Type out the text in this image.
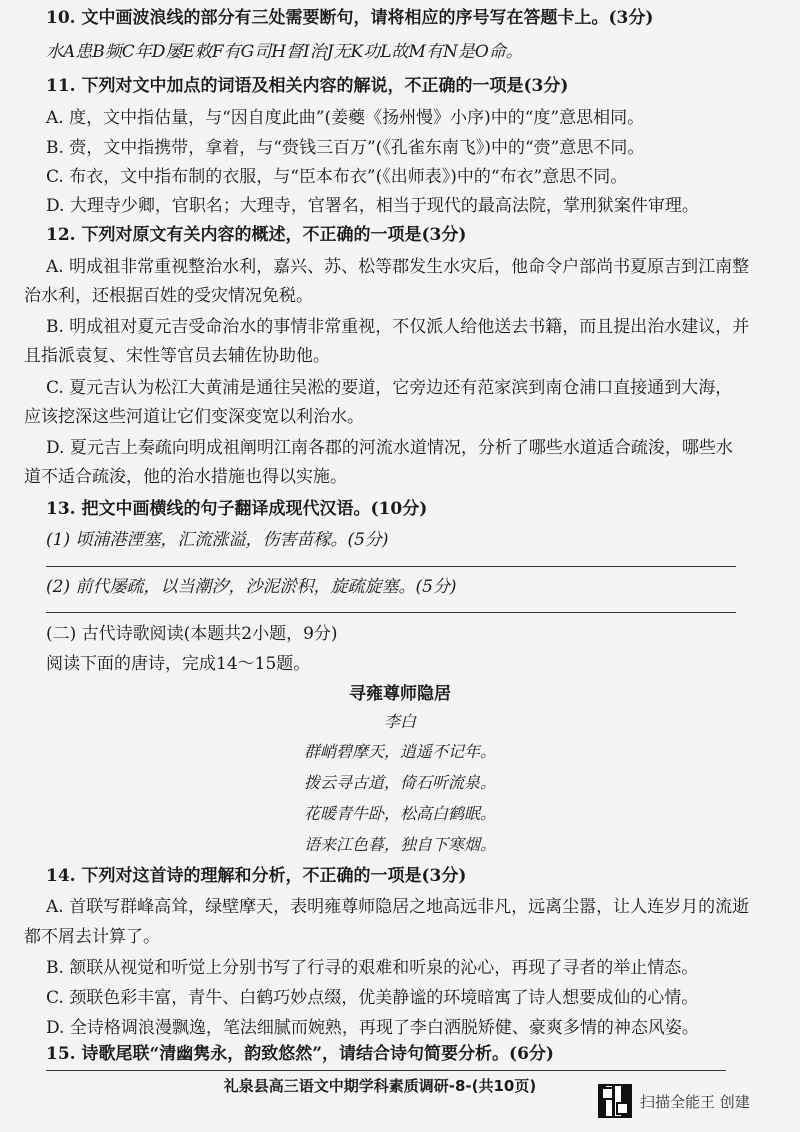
10. 文中画波浪线的部分有三处需要断句，请将相应的序号写在答题卡上。(3分)
水A患B频C年D屡E敕F有G司H督I治J无K功L故M有N是O命。
11. 下列对文中加点的词语及相关内容的解说，不正确的一项是(3分)
A. 度，文中指估量，与“因自度此曲”(姜夔《扬州慢》小序)中的“度”意思相同。
B. 赍，文中指携带，拿着，与“赍钱三百万”(《孔雀东南飞》)中的“赍”意思不同。
C. 布衣，文中指布制的衣服，与“臣本布衣”(《出师表》)中的“布衣”意思不同。
D. 大理寺少卿，官职名；大理寺，官署名，相当于现代的最高法院，掌刑狱案件审理。
12. 下列对原文有关内容的概述，不正确的一项是(3分)
A. 明成祖非常重视整治水利，嘉兴、苏、松等郡发生水灾后，他命令户部尚书夏原吉到江南整
治水利，还根据百姓的受灾情况免税。
B. 明成祖对夏元吉受命治水的事情非常重视，不仅派人给他送去书籍，而且提出治水建议，并
且指派袁复、宋性等官员去辅佐协助他。
C. 夏元吉认为松江大黄浦是通往吴淞的要道，它旁边还有范家滨到南仓浦口直接通到大海，
应该挖深这些河道让它们变深变宽以利治水。
D. 夏元吉上奏疏向明成祖阐明江南各郡的河流水道情况，分析了哪些水道适合疏浚，哪些水
道不适合疏浚，他的治水措施也得以实施。
13. 把文中画横线的句子翻译成现代汉语。(10分)
(1) 顷浦港湮塞，汇流涨溢，伤害苗稼。(5分)
(2) 前代屡疏，以当潮汐，沙泥淤积，旋疏旋塞。(5分)
(二) 古代诗歌阅读(本题共2小题，9分)
阅读下面的唐诗，完成14～15题。
寻雍尊师隐居
李白
群峭碧摩天，逍遥不记年。
拨云寻古道，倚石听流泉。
花暖青牛卧，松高白鹤眠。
语来江色暮，独自下寒烟。
14. 下列对这首诗的理解和分析，不正确的一项是(3分)
A. 首联写群峰高耸，绿壁摩天，表明雍尊师隐居之地高远非凡，远离尘嚣，让人连岁月的流逝
都不屑去计算了。
B. 颔联从视觉和听觉上分别书写了行寻的艰难和听泉的沁心，再现了寻者的举止情态。
C. 颈联色彩丰富，青牛、白鹤巧妙点缀，优美静谧的环境暗寓了诗人想要成仙的心情。
D. 全诗格调浪漫飘逸，笔法细腻而婉熟，再现了李白洒脱矫健、豪爽多情的神态风姿。
15. 诗歌尾联“清幽隽永，韵致悠然”，请结合诗句简要分析。(6分)
礼泉县高三语文中期学科素质调研-8-(共10页)
扫描全能王 创建
